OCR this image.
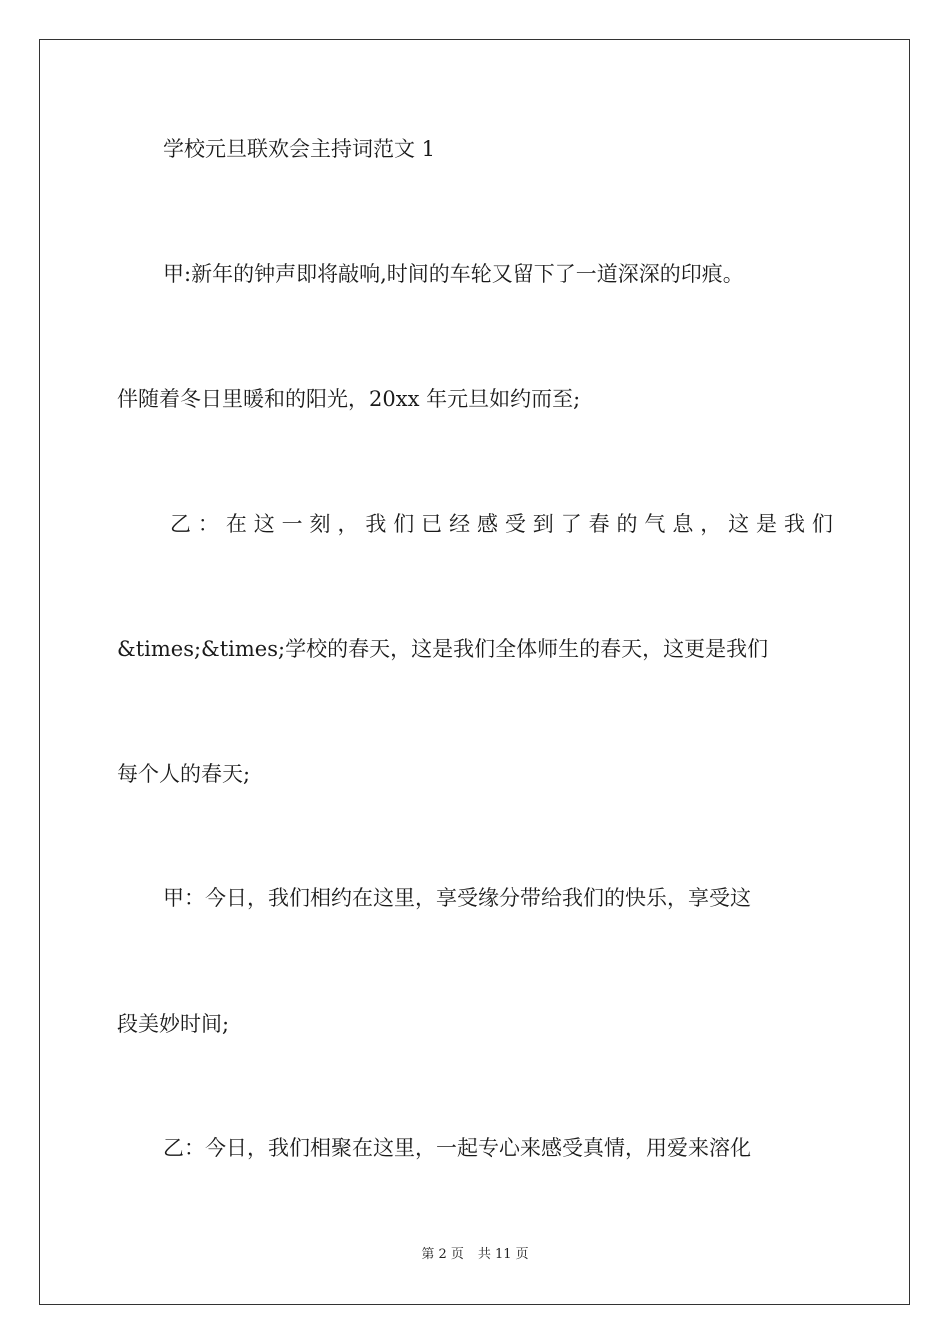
学校元旦联欢会主持词范文 1
甲:新年的钟声即将敲响,时间的车轮又留下了一道深深的印痕。
伴随着冬日里暖和的阳光，20xx 年元旦如约而至;
乙 ： 在 这 一 刻 ， 我 们 已 经 感 受 到 了 春 的 气 息 ， 这 是 我 们
&times;&times;学校的春天，这是我们全体师生的春天，这更是我们
每个人的春天;
甲：今日，我们相约在这里，享受缘分带给我们的快乐，享受这
段美妙时间;
乙：今日，我们相聚在这里，一起专心来感受真情，用爱来溶化
第 2 页 共 11 页
